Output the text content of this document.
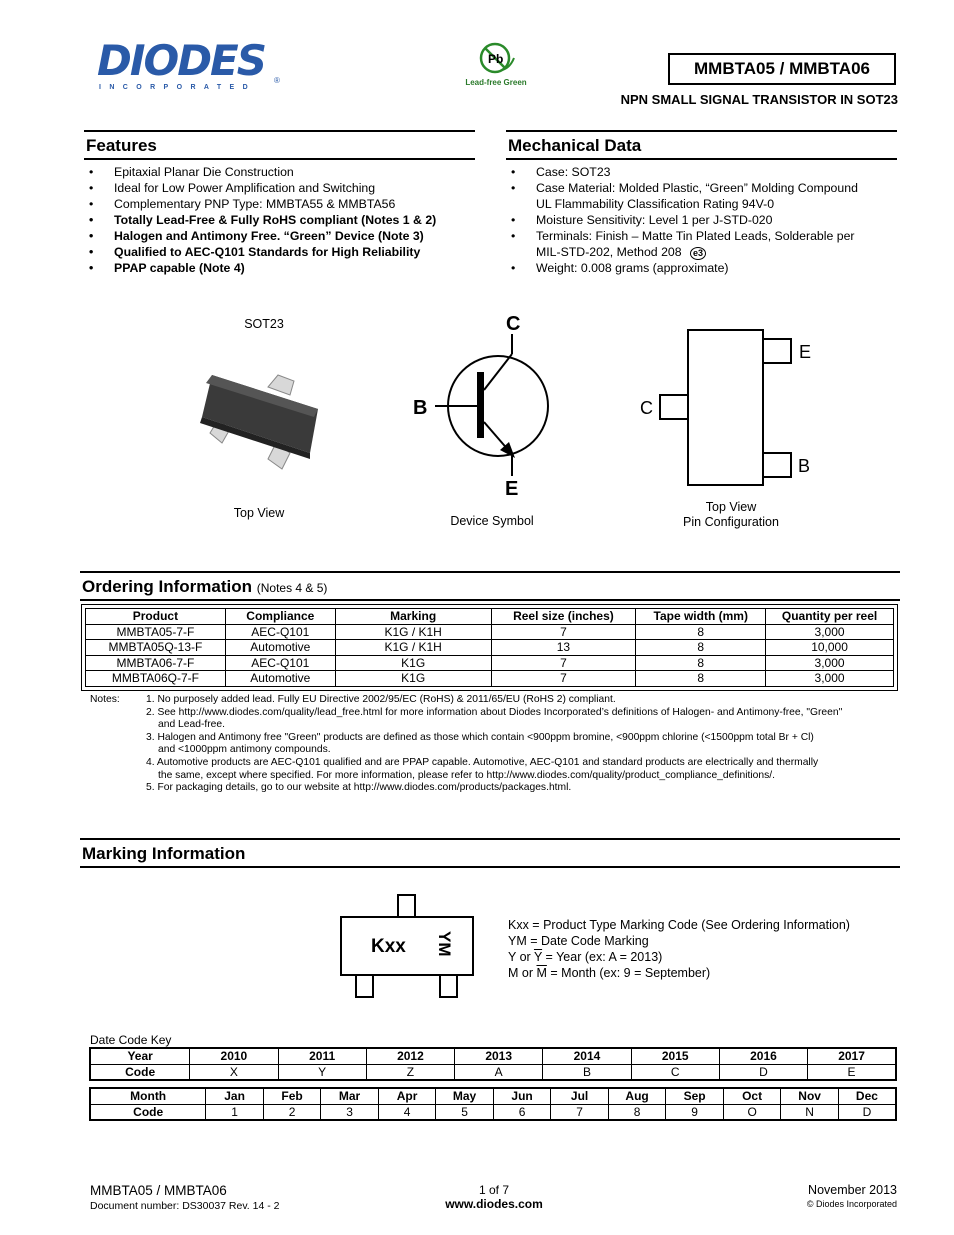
DIODES
INCORPORATED
®
Pb
Lead-free Green
MMBTA05 / MMBTA06
NPN SMALL SIGNAL TRANSISTOR IN SOT23
Features
• Epitaxial Planar Die Construction
• Ideal for Low Power Amplification and Switching
• Complementary PNP Type: MMBTA55 & MMBTA56
• Totally Lead-Free & Fully RoHS compliant (Notes 1 & 2)
• Halogen and Antimony Free. “Green” Device (Note 3)
• Qualified to AEC-Q101 Standards for High Reliability
• PPAP capable (Note 4)
Mechanical Data
• Case: SOT23
• Case Material: Molded Plastic, “Green” Molding Compound
UL Flammability Classification Rating 94V-0
• Moisture Sensitivity: Level 1 per J-STD-020
• Terminals: Finish – Matte Tin Plated Leads, Solderable per
MIL-STD-202, Method 208 e3
• Weight: 0.008 grams (approximate)
SOT23
Top View
C
B
E
Device Symbol
E
C
B
Top View
Pin Configuration
Ordering Information (Notes 4 & 5)
Product	Compliance	Marking	Reel size (inches)	Tape width (mm)	Quantity per reel
MMBTA05-7-F	AEC-Q101	K1G / K1H	7	8	3,000
MMBTA05Q-13-F	Automotive	K1G / K1H	13	8	10,000
MMBTA06-7-F	AEC-Q101	K1G	7	8	3,000
MMBTA06Q-7-F	Automotive	K1G	7	8	3,000
Notes:	1. No purposely added lead. Fully EU Directive 2002/95/EC (RoHS) & 2011/65/EU (RoHS 2) compliant.
2. See http://www.diodes.com/quality/lead_free.html for more information about Diodes Incorporated’s definitions of Halogen- and Antimony-free, "Green"
and Lead-free.
3. Halogen and Antimony free "Green" products are defined as those which contain <900ppm bromine, <900ppm chlorine (<1500ppm total Br + Cl)
and <1000ppm antimony compounds.
4. Automotive products are AEC-Q101 qualified and are PPAP capable. Automotive, AEC-Q101 and standard products are electrically and thermally
the same, except where specified. For more information, please refer to http://www.diodes.com/quality/product_compliance_definitions/.
5. For packaging details, go to our website at http://www.diodes.com/products/packages.html.
Marking Information
Kxx YM
Kxx = Product Type Marking Code (See Ordering Information)
YM = Date Code Marking
Y or $\overline{Y}$ = Year (ex: A = 2013)
M or $\overline{M}$ = Month (ex: 9 = September)
Date Code Key
Year	2010	2011	2012	2013	2014	2015	2016	2017
Code	X	Y	Z	A	B	C	D	E
Month	Jan	Feb	Mar	Apr	May	Jun	Jul	Aug	Sep	Oct	Nov	Dec
Code	1	2	3	4	5	6	7	8	9	O	N	D
MMBTA05 / MMBTA06
Document number: DS30037 Rev. 14 - 2
1 of 7
www.diodes.com
November 2013
© Diodes Incorporated
